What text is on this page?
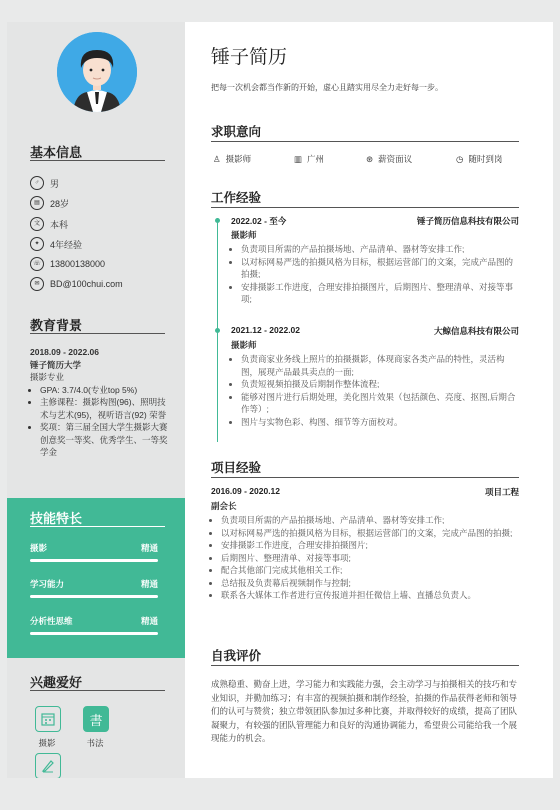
基本信息
♂	男
▤	28岁
文	本科
✦	4年经验
☏	13800138000
✉	BD@100chui.com
教育背景
2018.09 - 2022.06
锤子简历大学
摄影专业
• GPA: 3.7/4.0(专业top 5%)
• 主修课程：摄影构图(96)、照明技术与艺术(95)，视听语言(92) 荣誉
• 奖项：第三届全国大学生摄影大赛创意奖一等奖、优秀学生、一等奖学金
技能特长
摄影	精通
学习能力	精通
分析性思维	精通
兴趣爱好
摄影
書
书法
锤子简历
把每一次机会都当作新的开始，虚心且踏实用尽全力走好每一步。
求职意向
♙ 摄影师	▥ 广州	⊛ 薪资面议	◷ 随时到岗
工作经验
2022.02 - 至今	锤子简历信息科技有限公司
摄影师
• 负责项目所需的产品拍摄场地、产品清单、器材等安排工作;
• 以对标网易严选的拍摄风格为目标，根据运营部门的文案，完成产品图的拍摄;
• 安排摄影工作进度，合理安排拍摄图片，后期图片、整理清单、对接等事项;
2021.12 - 2022.02	大鲸信息科技有限公司
摄影师
• 负责商家业务线上照片的拍摄摄影，体现商家各类产品的特性，灵活构图，展现产品最具卖点的一面;
• 负责短视频拍摄及后期制作整体流程;
• 能够对图片进行后期处理，美化图片效果（包括颜色、亮度、抠图,后期合作等）;
• 图片与实物色彩、构图、细节等方面校对。
项目经验
2016.09 - 2020.12	项目工程
副会长
• 负责项目所需的产品拍摄场地、产品清单、器材等安排工作;
• 以对标网易严选的拍摄风格为目标，根据运营部门的文案，完成产品图的拍摄;
• 安排摄影工作进度，合理安排拍摄图片;
• 后期图片、整理清单、对接等事项;
• 配合其他部门完成其他相关工作;
• 总结报及负责幕后视频制作与控制;
• 联系各大媒体工作者进行宣传报道并担任微信上墙、直播总负责人。
自我评价
成熟稳重、勤奋上进，学习能力和实践能力强，会主动学习与拍摄相关的技巧和专业知识，并勤加练习；有丰富的视频拍摄和制作经验，拍摄的作品获得老师和领导们的认可与赞赏；独立带领团队参加过多种比赛，并取得较好的成绩，提高了团队凝聚力，有较强的团队管理能力和良好的沟通协调能力，希望贵公司能给我一个展现能力的机会。
